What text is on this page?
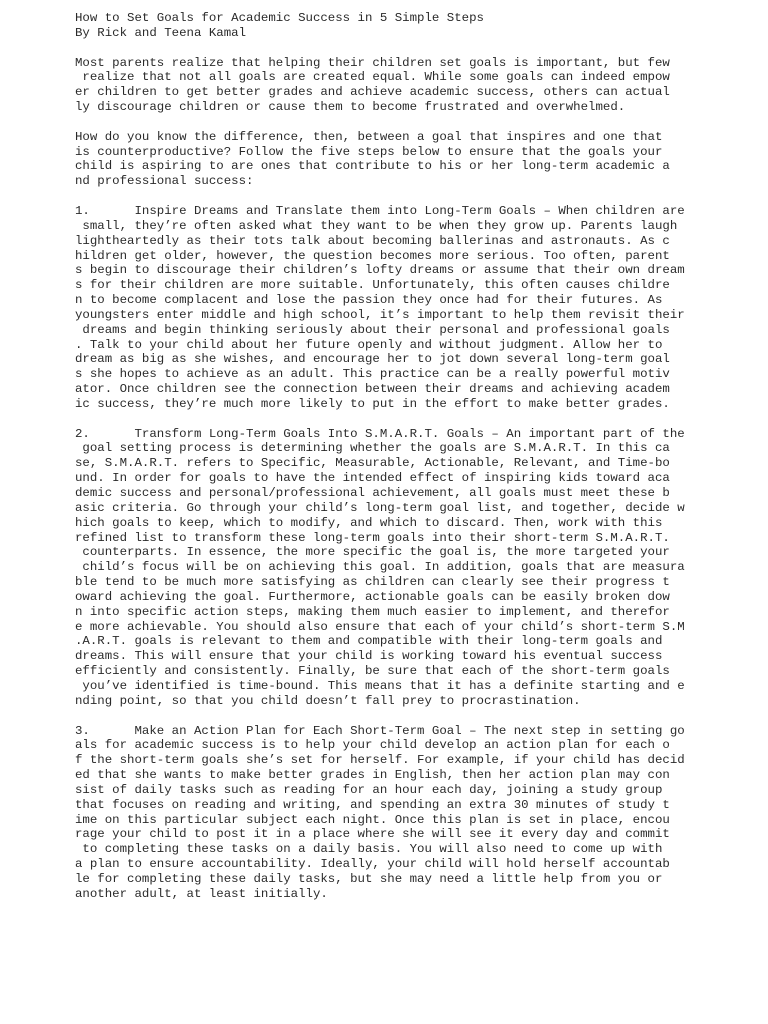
How to Set Goals for Academic Success in 5 Simple Steps
By Rick and Teena Kamal
Most parents realize that helping their children set goals is important, but few
realize that not all goals are created equal. While some goals can indeed empow
er children to get better grades and achieve academic success, others can actual
ly discourage children or cause them to become frustrated and overwhelmed.
How do you know the difference, then, between a goal that inspires and one that
is counterproductive? Follow the five steps below to ensure that the goals your
child is aspiring to are ones that contribute to his or her long-term academic a
nd professional success:
1.      Inspire Dreams and Translate them into Long-Term Goals – When children are
small, they’re often asked what they want to be when they grow up. Parents laugh
lightheartedly as their tots talk about becoming ballerinas and astronauts. As c
hildren get older, however, the question becomes more serious. Too often, parent
s begin to discourage their children’s lofty dreams or assume that their own dream
s for their children are more suitable. Unfortunately, this often causes childre
n to become complacent and lose the passion they once had for their futures. As
youngsters enter middle and high school, it’s important to help them revisit their
dreams and begin thinking seriously about their personal and professional goals
. Talk to your child about her future openly and without judgment. Allow her to
dream as big as she wishes, and encourage her to jot down several long-term goal
s she hopes to achieve as an adult. This practice can be a really powerful motiv
ator. Once children see the connection between their dreams and achieving academ
ic success, they’re much more likely to put in the effort to make better grades.
2.      Transform Long-Term Goals Into S.M.A.R.T. Goals – An important part of the
goal setting process is determining whether the goals are S.M.A.R.T. In this ca
se, S.M.A.R.T. refers to Specific, Measurable, Actionable, Relevant, and Time-bo
und. In order for goals to have the intended effect of inspiring kids toward aca
demic success and personal/professional achievement, all goals must meet these b
asic criteria. Go through your child’s long-term goal list, and together, decide w
hich goals to keep, which to modify, and which to discard. Then, work with this
refined list to transform these long-term goals into their short-term S.M.A.R.T.
counterparts. In essence, the more specific the goal is, the more targeted your
child’s focus will be on achieving this goal. In addition, goals that are measura
ble tend to be much more satisfying as children can clearly see their progress t
oward achieving the goal. Furthermore, actionable goals can be easily broken dow
n into specific action steps, making them much easier to implement, and therefor
e more achievable. You should also ensure that each of your child’s short-term S.M
.A.R.T. goals is relevant to them and compatible with their long-term goals and
dreams. This will ensure that your child is working toward his eventual success
efficiently and consistently. Finally, be sure that each of the short-term goals
you’ve identified is time-bound. This means that it has a definite starting and e
nding point, so that you child doesn’t fall prey to procrastination.
3.      Make an Action Plan for Each Short-Term Goal – The next step in setting go
als for academic success is to help your child develop an action plan for each o
f the short-term goals she’s set for herself. For example, if your child has decid
ed that she wants to make better grades in English, then her action plan may con
sist of daily tasks such as reading for an hour each day, joining a study group
that focuses on reading and writing, and spending an extra 30 minutes of study t
ime on this particular subject each night. Once this plan is set in place, encou
rage your child to post it in a place where she will see it every day and commit
to completing these tasks on a daily basis. You will also need to come up with
a plan to ensure accountability. Ideally, your child will hold herself accountab
le for completing these daily tasks, but she may need a little help from you or
another adult, at least initially.
